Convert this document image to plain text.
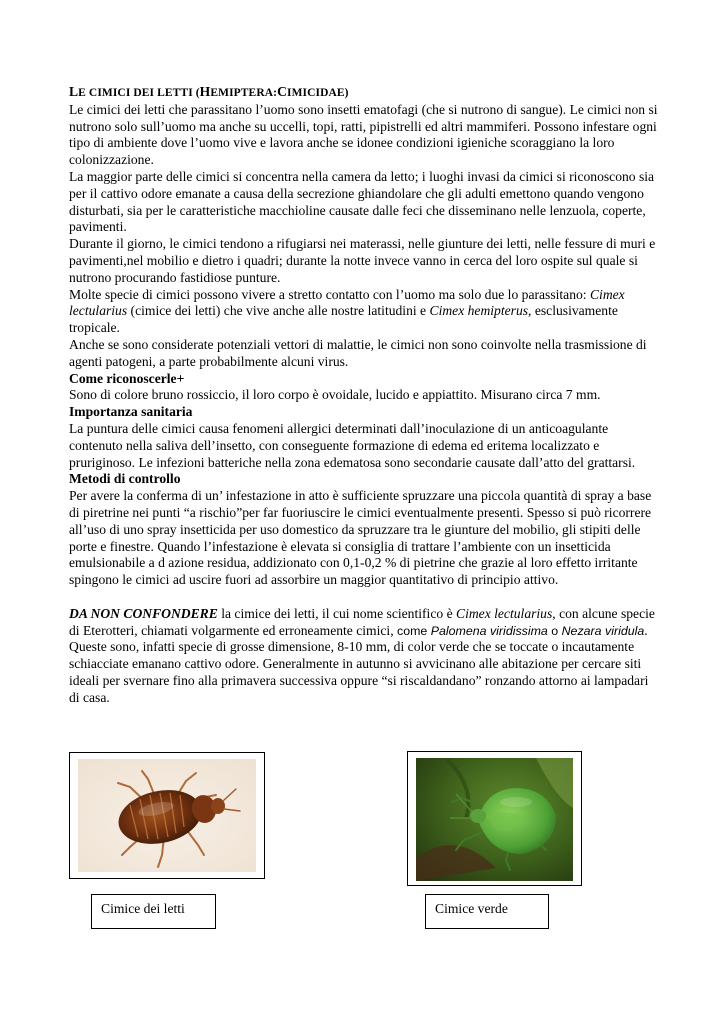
LE CIMICI DEI LETTI (HEMIPTERA:CIMICIDAE)

Le cimici dei letti che parassitano l’uomo sono insetti ematofagi (che si nutrono di sangue). Le cimici non si nutrono solo sull’uomo ma anche su uccelli, topi, ratti, pipistrelli ed altri mammiferi. Possono infestare ogni tipo di ambiente dove l’uomo vive e lavora anche se idonee condizioni igieniche scoraggiano la loro colonizzazione.

La maggior parte delle cimici si concentra nella camera da letto; i luoghi invasi da cimici si riconoscono sia per il cattivo odore emanate a causa della secrezione ghiandolare che gli adulti emettono quando vengono disturbati, sia per le caratteristiche macchioline causate dalle feci che disseminano nelle lenzuola, coperte, pavimenti.

Durante il giorno, le cimici tendono a rifugiarsi nei materassi, nelle giunture dei letti, nelle fessure di muri e pavimenti,nel mobilio e dietro i quadri; durante la notte invece vanno in cerca del loro ospite sul quale si nutrono procurando fastidiose punture.

Molte specie di cimici possono vivere a stretto contatto con l’uomo ma solo due lo parassitano: Cimex lectularius (cimice dei letti) che vive anche alle nostre latitudini e Cimex hemipterus, esclusivamente tropicale.

Anche se sono considerate potenziali vettori di malattie, le cimici non sono coinvolte nella trasmissione di agenti patogeni, a parte probabilmente alcuni virus.

Come riconoscerle+

Sono di colore bruno rossiccio, il loro corpo è ovoidale, lucido e appiattito. Misurano circa 7 mm.

Importanza sanitaria

La puntura delle cimici causa fenomeni allergici determinati dall’inoculazione di un anticoagulante contenuto nella saliva dell’insetto, con conseguente formazione di edema ed eritema localizzato e pruriginoso. Le infezioni batteriche nella zona edematosa sono secondarie causate dall’atto del grattarsi.

Metodi di controllo

Per avere la conferma di un’ infestazione in atto è sufficiente spruzzare una piccola quantità di spray a base di piretrine nei punti “a rischio”per far fuoriuscire le cimici eventualmente presenti. Spesso si può ricorrere all’uso di uno spray insetticida per uso domestico da spruzzare tra le giunture del mobilio, gli stipiti delle porte e finestre. Quando l’infestazione è elevata si consiglia di trattare l’ambiente con un insetticida emulsionabile a d azione residua, addizionato con 0,1-0,2 % di pietrine che grazie al loro effetto irritante spingono le cimici ad uscire fuori ad assorbire un maggior quantitativo di principio attivo.

DA NON CONFONDERE la cimice dei letti, il cui nome scientifico è Cimex lectularius, con alcune specie di Eterotteri, chiamati volgarmente ed erroneamente cimici, come Palomena viridissima o Nezara viridula. Queste sono, infatti specie di grosse dimensione, 8-10 mm, di color verde che se toccate o incautamente schiacciate emanano cattivo odore. Generalmente in autunno si avvicinano alle abitazione per cercare siti ideali per svernare fino alla primavera successiva oppure “si riscaldandano” ronzando attorno ai lampadari di casa.

Cimice dei letti	Cimice verde
